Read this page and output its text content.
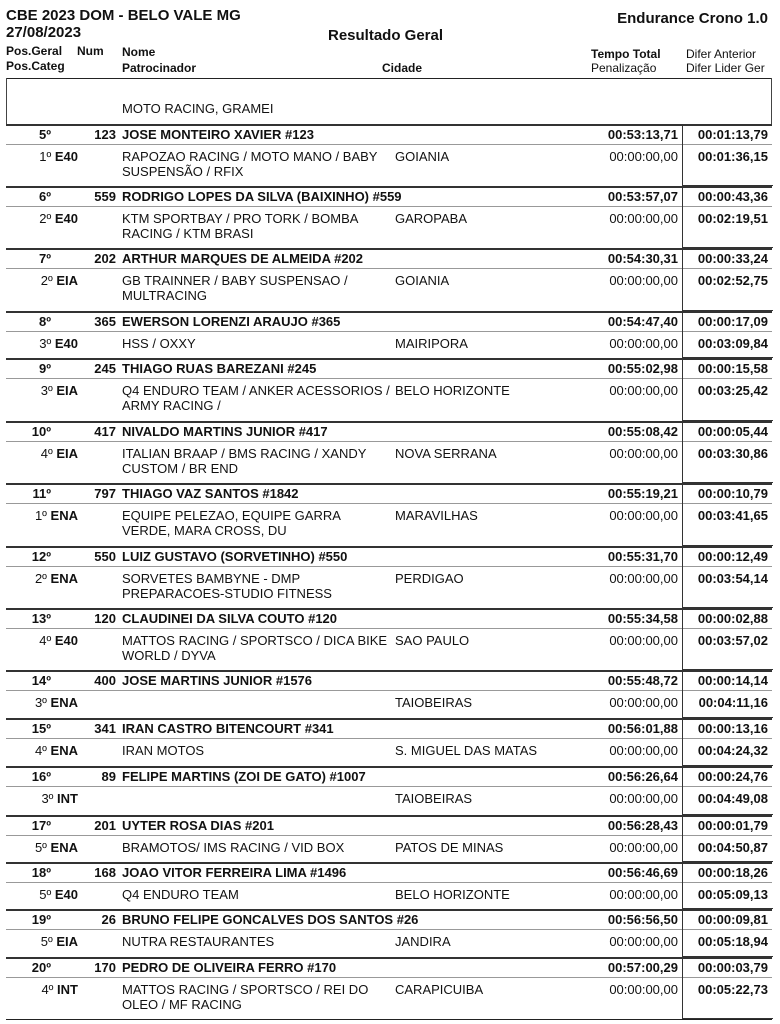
CBE 2023 DOM - BELO VALE MG
27/08/2023	Resultado Geral
Endurance Crono 1.0
Pos.Geral Num Nome	Tempo Total Difer Anterior
Pos.Categ	Patrocinador	Cidade	Penalização Difer Lider Ger
MOTO RACING, GRAMEI
5º	123 JOSE MONTEIRO XAVIER #123	00:53:13,71	00:01:13,79
1º E40	RAPOZAO RACING / MOTO MANO / BABY SUSPENSÃO / RFIX
GOIANIA	00:00:00,00	00:01:36,15
6º	559 RODRIGO LOPES DA SILVA (BAIXINHO) #559	00:53:57,07	00:00:43,36
2º E40	KTM SPORTBAY / PRO TORK / BOMBA RACING / KTM BRASI
GAROPABA	00:00:00,00	00:02:19,51
7º	202 ARTHUR MARQUES DE ALMEIDA #202	00:54:30,31	00:00:33,24
2º EIA	GB TRAINNER / BABY SUSPENSAO / MULTRACING
GOIANIA	00:00:00,00	00:02:52,75
8º	365 EWERSON LORENZI ARAUJO #365	00:54:47,40	00:00:17,09
3º E40	HSS / OXXY	MAIRIPORA	00:00:00,00	00:03:09,84
9º	245 THIAGO RUAS BAREZANI #245	00:55:02,98	00:00:15,58
3º EIA	Q4 ENDURO TEAM / ANKER ACESSORIOS / ARMY RACING /
BELO HORIZONTE	00:00:00,00	00:03:25,42
10º	417 NIVALDO MARTINS JUNIOR #417	00:55:08,42	00:00:05,44
4º EIA	ITALIAN BRAAP / BMS RACING / XANDY CUSTOM / BR END
NOVA SERRANA	00:00:00,00	00:03:30,86
11º	797 THIAGO VAZ SANTOS #1842	00:55:19,21	00:00:10,79
1º ENA	EQUIPE PELEZAO, EQUIPE GARRA VERDE, MARA CROSS, DU
MARAVILHAS	00:00:00,00	00:03:41,65
12º	550 LUIZ GUSTAVO (SORVETINHO) #550	00:55:31,70	00:00:12,49
2º ENA	SORVETES BAMBYNE - DMP PREPARACOES-STUDIO FITNESS
PERDIGAO	00:00:00,00	00:03:54,14
13º	120 CLAUDINEI DA SILVA COUTO #120	00:55:34,58	00:00:02,88
4º E40	MATTOS RACING / SPORTSCO / DICA BIKE WORLD / DYVA
SAO PAULO	00:00:00,00	00:03:57,02
14º	400 JOSE MARTINS JUNIOR #1576	00:55:48,72	00:00:14,14
3º ENA	TAIOBEIRAS	00:00:00,00	00:04:11,16
15º	341 IRAN CASTRO BITENCOURT #341	00:56:01,88	00:00:13,16
4º ENA	IRAN MOTOS	S. MIGUEL DAS MATAS	00:00:00,00	00:04:24,32
16º	89 FELIPE MARTINS (ZOI DE GATO) #1007	00:56:26,64	00:00:24,76
3º INT	TAIOBEIRAS	00:00:00,00	00:04:49,08
17º	201 UYTER ROSA DIAS #201	00:56:28,43	00:00:01,79
5º ENA	BRAMOTOS/ IMS RACING / VID BOX	PATOS DE MINAS	00:00:00,00	00:04:50,87
18º	168 JOAO VITOR FERREIRA LIMA #1496	00:56:46,69	00:00:18,26
5º E40	Q4 ENDURO TEAM	BELO HORIZONTE	00:00:00,00	00:05:09,13
19º	26 BRUNO FELIPE GONCALVES DOS SANTOS #26	00:56:56,50	00:00:09,81
5º EIA	NUTRA RESTAURANTES	JANDIRA	00:00:00,00	00:05:18,94
20º	170 PEDRO DE OLIVEIRA FERRO #170	00:57:00,29	00:00:03,79
4º INT	MATTOS RACING / SPORTSCO / REI DO OLEO / MF RACING
CARAPICUIBA	00:00:00,00	00:05:22,73
